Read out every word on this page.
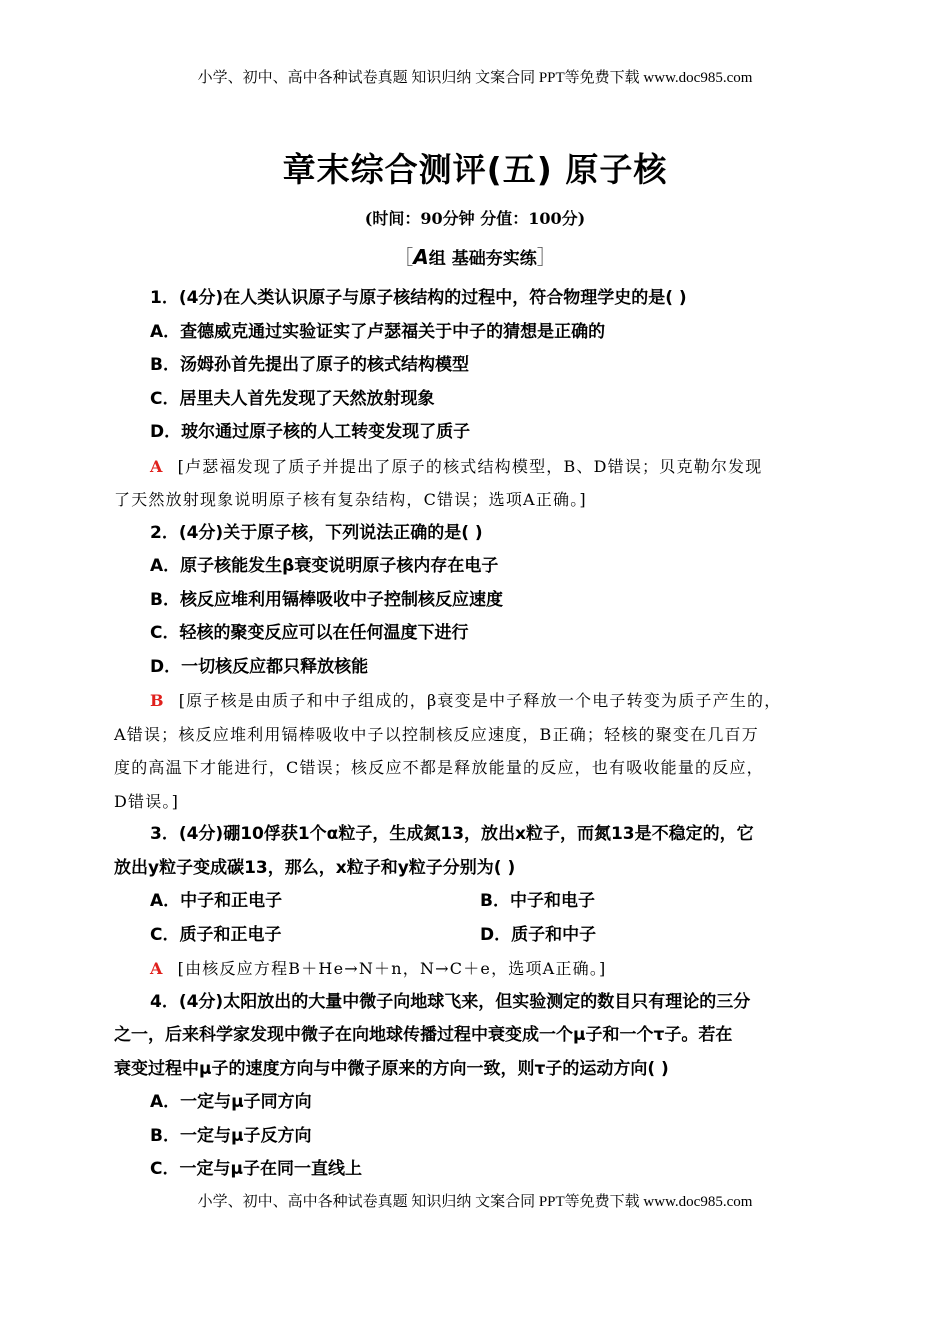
小学、初中、高中各种试卷真题 知识归纳 文案合同 PPT等免费下载 www.doc985.com
章末综合测评(五) 原子核
(时间：90分钟 分值：100分)
［A组 基础夯实练］
1．(4分)在人类认识原子与原子核结构的过程中，符合物理学史的是( )
A．查德威克通过实验证实了卢瑟福关于中子的猜想是正确的
B．汤姆孙首先提出了原子的核式结构模型
C．居里夫人首先发现了天然放射现象
D．玻尔通过原子核的人工转变发现了质子
A [卢瑟福发现了质子并提出了原子的核式结构模型，B、D错误；贝克勒尔发现
了天然放射现象说明原子核有复杂结构，C错误；选项A正确。]
2．(4分)关于原子核，下列说法正确的是( )
A．原子核能发生β衰变说明原子核内存在电子
B．核反应堆利用镉棒吸收中子控制核反应速度
C．轻核的聚变反应可以在任何温度下进行
D．一切核反应都只释放核能
B [原子核是由质子和中子组成的，β衰变是中子释放一个电子转变为质子产生的，
A错误；核反应堆利用镉棒吸收中子以控制核反应速度，B正确；轻核的聚变在几百万
度的高温下才能进行，C错误；核反应不都是释放能量的反应，也有吸收能量的反应，
D错误。]
3．(4分)硼10俘获1个α粒子，生成氮13，放出x粒子，而氮13是不稳定的，它
放出y粒子变成碳13，那么，x粒子和y粒子分别为( )
A．中子和正电子	B．中子和电子
C．质子和正电子	D．质子和中子
A [由核反应方程B＋He→N＋n，N→C＋e，选项A正确。]
4．(4分)太阳放出的大量中微子向地球飞来，但实验测定的数目只有理论的三分
之一，后来科学家发现中微子在向地球传播过程中衰变成一个μ子和一个τ子。若在
衰变过程中μ子的速度方向与中微子原来的方向一致，则τ子的运动方向( )
A．一定与μ子同方向
B．一定与μ子反方向
C．一定与μ子在同一直线上
小学、初中、高中各种试卷真题 知识归纳 文案合同 PPT等免费下载 www.doc985.com
